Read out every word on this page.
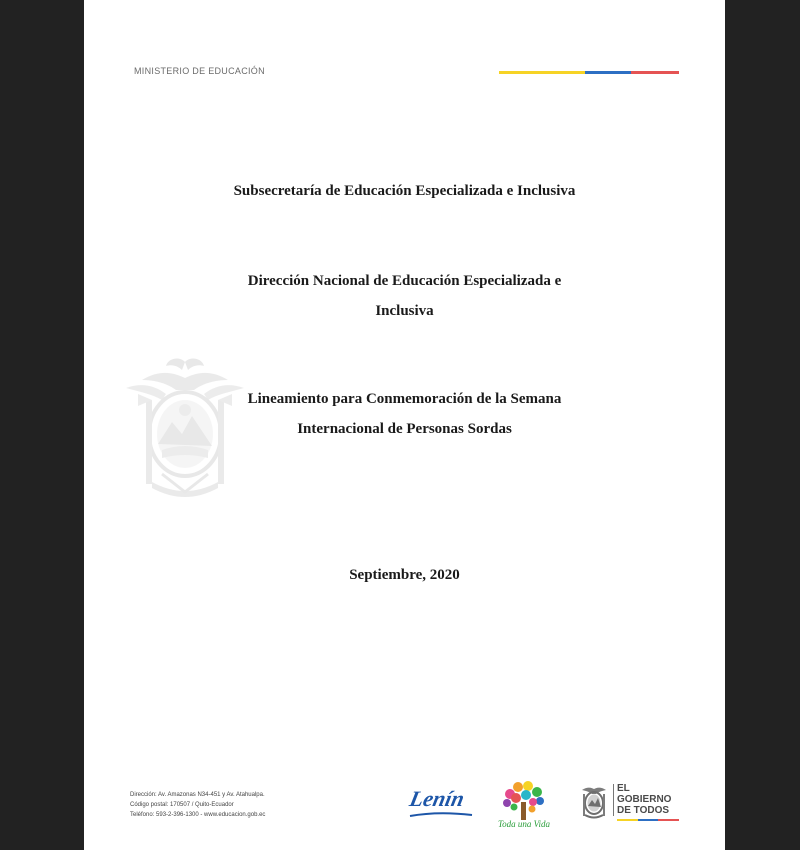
MINISTERIO DE EDUCACIÓN
Subsecretaría de Educación Especializada e Inclusiva
Dirección Nacional de Educación Especializada e
Inclusiva
Lineamiento para Conmemoración de la Semana
Internacional de Personas Sordas
Septiembre, 2020
Dirección: Av. Amazonas N34-451 y Av. Atahualpa.
Código postal: 170507 / Quito-Ecuador
Teléfono: 593-2-396-1300 - www.educacion.gob.ec
Lenín
Toda una Vida
EL
GOBIERNO
DE TODOS
